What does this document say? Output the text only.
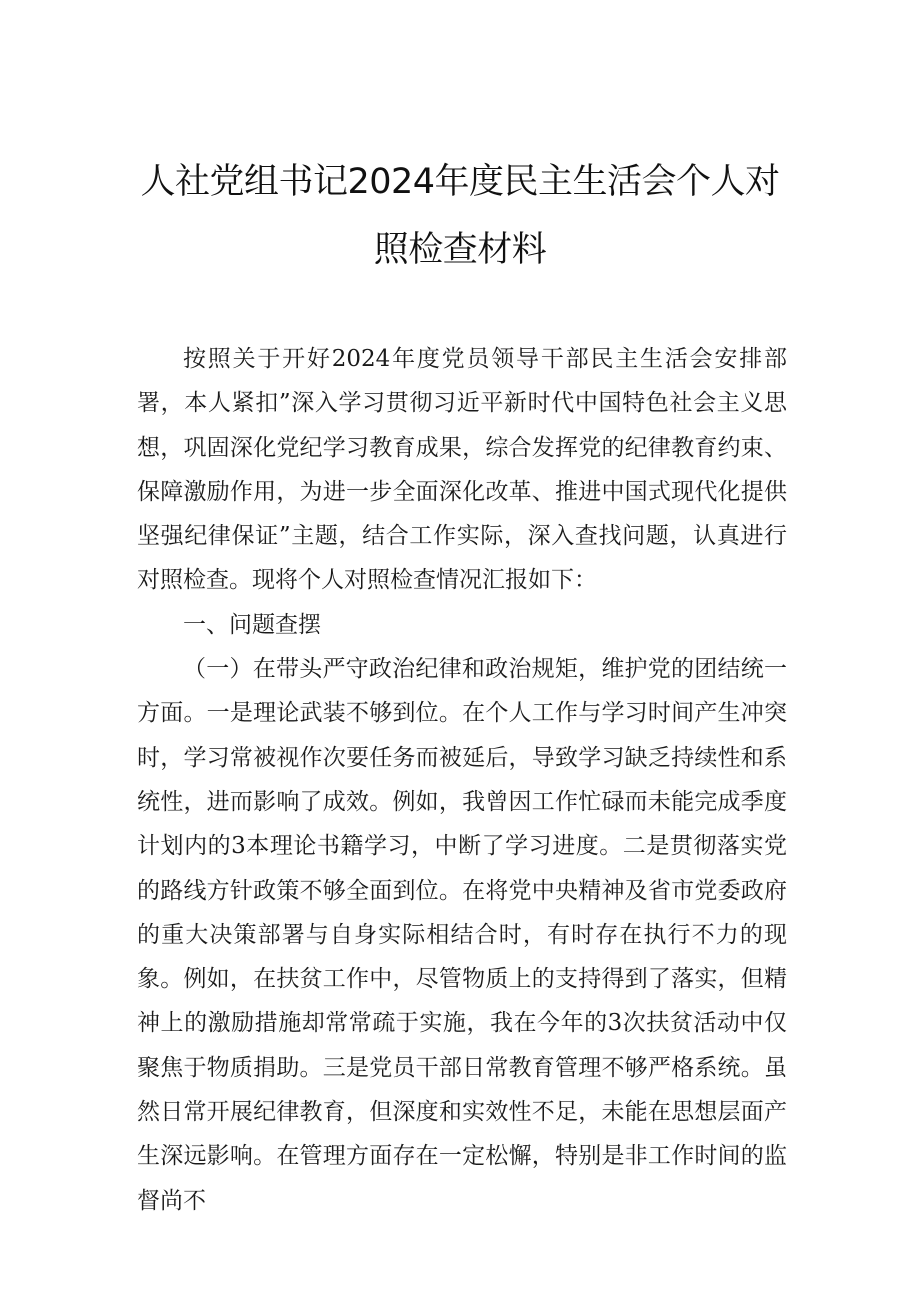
人社党组书记2024年度民主生活会个人对
照检查材料

按照关于开好2024年度党员领导干部民主生活会安排部署，本人紧扣”深入学习贯彻习近平新时代中国特色社会主义思想，巩固深化党纪学习教育成果，综合发挥党的纪律教育约束、保障激励作用，为进一步全面深化改革、推进中国式现代化提供坚强纪律保证”主题，结合工作实际，深入查找问题，认真进行对照检查。现将个人对照检查情况汇报如下：

一、问题查摆

（一）在带头严守政治纪律和政治规矩，维护党的团结统一方面。一是理论武装不够到位。在个人工作与学习时间产生冲突时，学习常被视作次要任务而被延后，导致学习缺乏持续性和系统性，进而影响了成效。例如，我曾因工作忙碌而未能完成季度计划内的3本理论书籍学习，中断了学习进度。二是贯彻落实党的路线方针政策不够全面到位。在将党中央精神及省市党委政府的重大决策部署与自身实际相结合时，有时存在执行不力的现象。例如，在扶贫工作中，尽管物质上的支持得到了落实，但精神上的激励措施却常常疏于实施，我在今年的3次扶贫活动中仅聚焦于物质捐助。三是党员干部日常教育管理不够严格系统。虽然日常开展纪律教育，但深度和实效性不足，未能在思想层面产生深远影响。在管理方面存在一定松懈，特别是非工作时间的监督尚不
